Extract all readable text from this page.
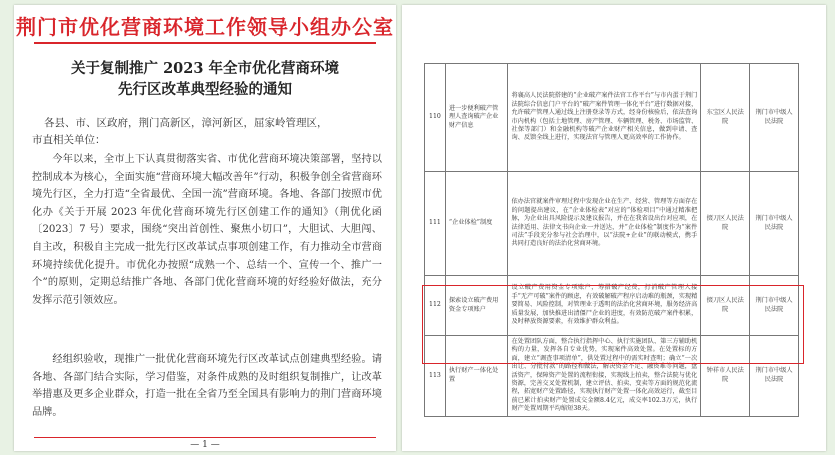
荆门市优化营商环境工作领导小组办公室
关于复制推广 2023 年全市优化营商环境
先行区改革典型经验的通知
各县、市、区政府，荆门高新区，漳河新区，屈家岭管理区，
市直相关单位：
今年以来，全市上下认真贯彻落实省、市优化营商环境决策部署，坚持以控制成本为核心，全面实施“营商环境大幅改善年”行动，积极争创全省营商环境先行区，全力打造“全省最优、全国一流”营商环境。各地、各部门按照市优化办《关于开展 2023 年优化营商环境先行区创建工作的通知》（荆优化函〔2023〕7 号）要求，围绕“突出首创性、聚焦小切口”，大胆试、大胆闯、自主改，积极自主完成一批先行区改革试点事项创建工作，有力推动全市营商环境持续优化提升。市优化办按照“成熟一个、总结一个、宣传一个、推广一个”的原则，定期总结推广各地、各部门优化营商环境的好经验好做法，充分发挥示范引领效应。
经组织验收，现推广一批优化营商环境先行区改革试点创建典型经验。请各地、各部门结合实际，学习借鉴，对条件成熟的及时组织复制推广，让改革举措惠及更多企业群众，打造一批在全省乃至全国具有影响力的荆门营商环境品牌。
— 1 —
110	进一步便利破产管理人查询破产企业财产信息	将襄高人民法院搭建的“企业破产案件法官工作平台”与市内蛋于荆门法院综合信息门户平台的“破产案件管理一体化平台”进行数据对接，允许破产管理人通过线上注册登录等方式，经身份核验后，依法查询市内机构（包括土地管理、房产管理、车辆管理、税务、市场监管、社保等部门）和金融机构等破产企业财产相关信息，做到申请、查询、反馈全线上进行，实现法官与管理人更高效率的工作协作。	东宝区人民法院	荆门市中级人民法院
111	“企业体检”制度	依办法官就案件审理过程中发现企业在生产、经营、管理等方面存在的问题提出建议，在“企业体检表”对应的“体检项目”中通过精准把脉，为企业出具风险提示及建议报告，并在在我省设出台对应项，在法律适用、法律文书向企业一并送达，并“企业体检”制度作为“案件司法”手段充分参与社会治理中，以“法院+企业”的联动模式，携手共同打造良好的法治化营商环境。	掇刀区人民法院	荆门市中级人民法院
112	探索设立破产费用资金专项账户	设立破产费用资金专项账户，筹措破产经费，打消破产管理人接手“无产可破”案件的顾虑，有效破解破产程序启动难的瓶颈，实现精要简易、风险控制，对管理业于透明的法治化营商环境，服务经济高质量发展，加快推进出清僵尸企业的进度，有效防范破产案件积累，及时释放资源要素，有效维护群众利益。	掇刀区人民法院	荆门市中级人民法院
113	执行财产一体化处置	在处置团队方面，整合执行指挥中心、执行实施团队、第三方辅助机构的力量，发挥各自专业优势，实现案件高效处置。在处置标的方面，建立“调查事项清单”，供处置过程中的需实时查明；确立“一次出让、分批付款”的路径和做法，解决资金不足、融资难等问题，盘活资产，保障资产处置的流程衔接，实现线上拍卖，整合法院与优化资源，完善交叉处置机制，建立评估、拍卖、变卖等方面的规范化流程，拓宽财产处置路径，实现执行财产处置一体化高效运行，截至目前已累计拍卖财产处置成交金额8.4亿元，成交率102.3万元，执行财产处置周期平均缩短38天。	钟祥市人民法院	荆门市中级人民法院
